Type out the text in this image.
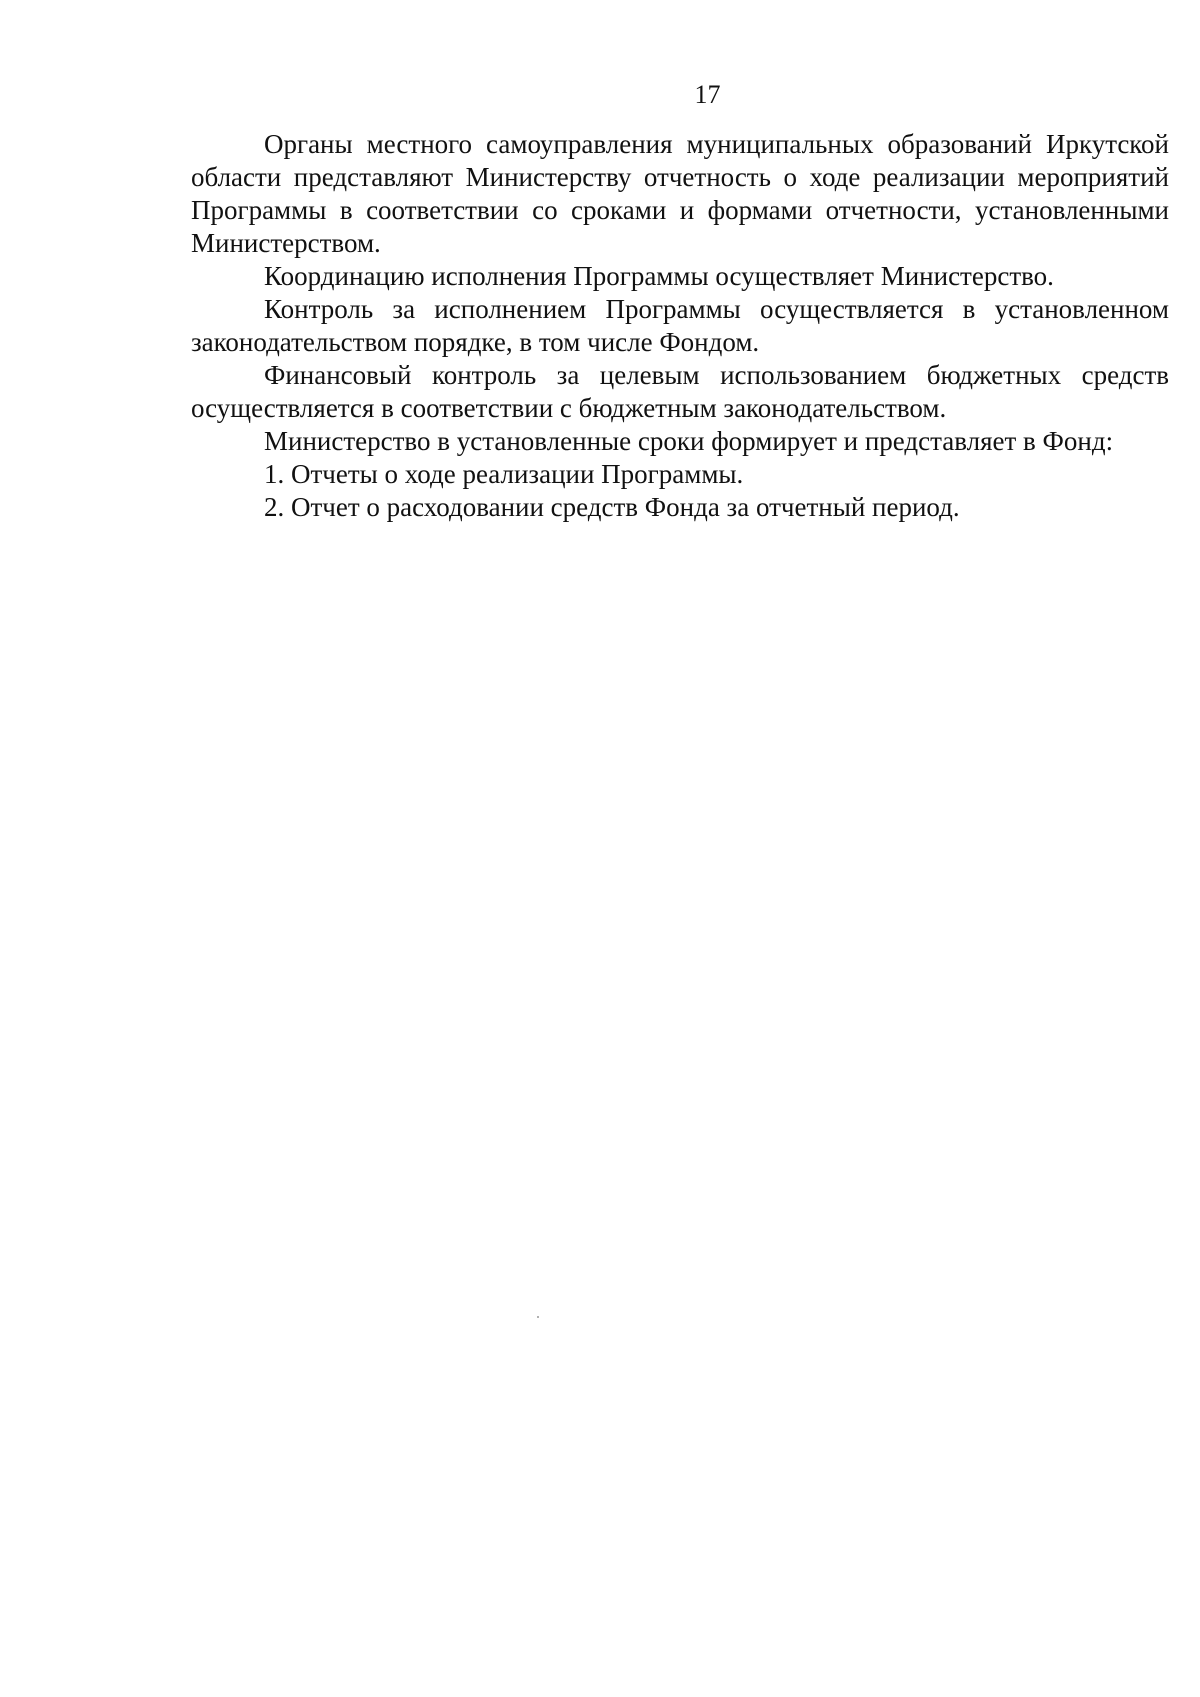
17

Органы местного самоуправления муниципальных образований Иркутской области представляют Министерству отчетность о ходе реализации мероприятий Программы в соответствии со сроками и формами отчетности, установленными Министерством.

Координацию исполнения Программы осуществляет Министерство.

Контроль за исполнением Программы осуществляется в установленном законодательством порядке, в том числе Фондом.

Финансовый контроль за целевым использованием бюджетных средств осуществляется в соответствии с бюджетным законодательством.

Министерство в установленные сроки формирует и представляет в Фонд:

1. Отчеты о ходе реализации Программы.

2. Отчет о расходовании средств Фонда за отчетный период.
